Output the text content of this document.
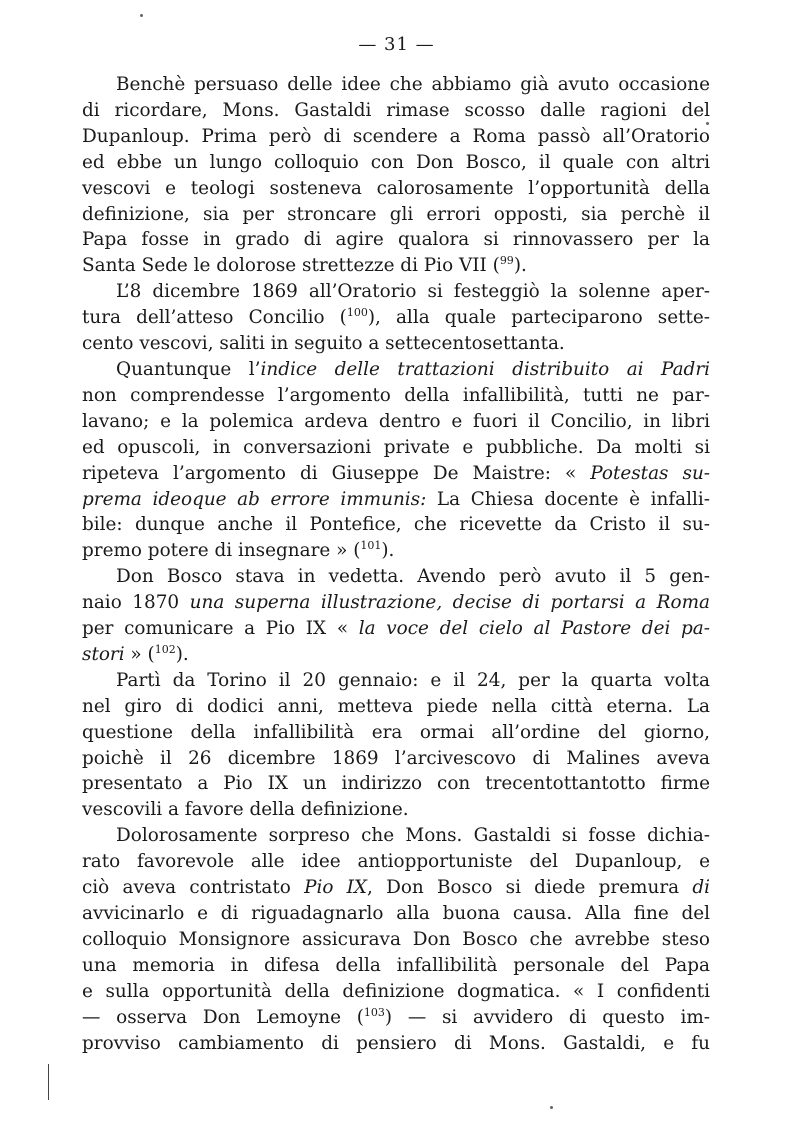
— 31 —

Benchè persuaso delle idee che abbiamo già avuto occasione
di ricordare, Mons. Gastaldi rimase scosso dalle ragioni del
Dupanloup. Prima però di scendere a Roma passò all’Oratorio
ed ebbe un lungo colloquio con Don Bosco, il quale con altri
vescovi e teologi sosteneva calorosamente l’opportunità della
definizione, sia per stroncare gli errori opposti, sia perchè il
Papa fosse in grado di agire qualora si rinnovassero per la
Santa Sede le dolorose strettezze di Pio VII ($^{99}$).

L’8 dicembre 1869 all’Oratorio si festeggiò la solenne aper-
tura dell’atteso Concilio ($^{100}$), alla quale parteciparono sette-
cento vescovi, saliti in seguito a settecentosettanta.

Quantunque l’indice delle trattazioni distribuito ai Padri
non comprendesse l’argomento della infallibilità, tutti ne par-
lavano; e la polemica ardeva dentro e fuori il Concilio, in libri
ed opuscoli, in conversazioni private e pubbliche. Da molti si
ripeteva l’argomento di Giuseppe De Maistre: « Potestas su-
prema ideoque ab errore immunis: La Chiesa docente è infalli-
bile: dunque anche il Pontefice, che ricevette da Cristo il su-
premo potere di insegnare » ($^{101}$).

Don Bosco stava in vedetta. Avendo però avuto il 5 gen-
naio 1870 una superna illustrazione, decise di portarsi a Roma
per comunicare a Pio IX « la voce del cielo al Pastore dei pa-
stori » ($^{102}$).

Partì da Torino il 20 gennaio: e il 24, per la quarta volta
nel giro di dodici anni, metteva piede nella città eterna. La
questione della infallibilità era ormai all’ordine del giorno,
poichè il 26 dicembre 1869 l’arcivescovo di Malines aveva
presentato a Pio IX un indirizzo con trecentottantotto firme
vescovili a favore della definizione.

Dolorosamente sorpreso che Mons. Gastaldi si fosse dichia-
rato favorevole alle idee antiopportuniste del Dupanloup, e
ciò aveva contristato Pio IX, Don Bosco si diede premura di
avvicinarlo e di riguadagnarlo alla buona causa. Alla fine del
colloquio Monsignore assicurava Don Bosco che avrebbe steso
una memoria in difesa della infallibilità personale del Papa
e sulla opportunità della definizione dogmatica. « I confidenti
— osserva Don Lemoyne ($^{103}$) — si avvidero di questo im-
provviso cambiamento di pensiero di Mons. Gastaldi, e fu
